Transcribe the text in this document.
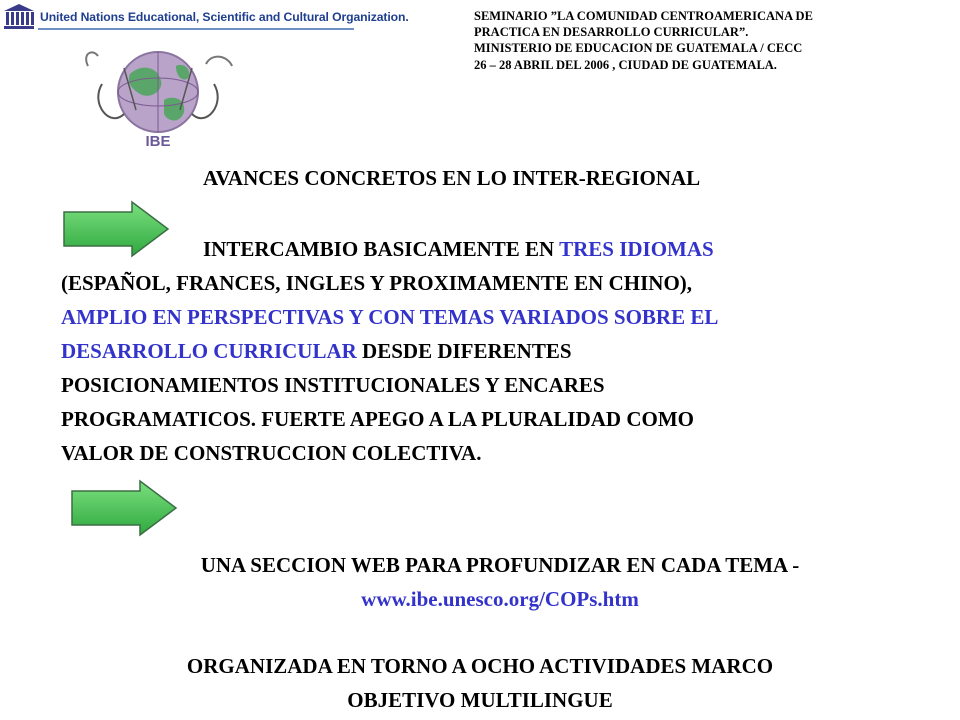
United Nations Educational, Scientific and Cultural Organization.
IBE
SEMINARIO ”LA COMUNIDAD CENTROAMERICANA DE
PRACTICA EN DESARROLLO CURRICULAR”.
MINISTERIO DE EDUCACION DE GUATEMALA / CECC
26 – 28 ABRIL DEL 2006 , CIUDAD DE GUATEMALA.
AVANCES CONCRETOS EN LO INTER-REGIONAL
INTERCAMBIO BASICAMENTE EN TRES IDIOMAS
(ESPAÑOL, FRANCES, INGLES Y PROXIMAMENTE EN CHINO),
AMPLIO EN PERSPECTIVAS Y CON TEMAS VARIADOS SOBRE EL
DESARROLLO CURRICULAR DESDE DIFERENTES
POSICIONAMIENTOS INSTITUCIONALES Y ENCARES
PROGRAMATICOS. FUERTE APEGO A LA PLURALIDAD COMO
VALOR DE CONSTRUCCION COLECTIVA.
UNA SECCION WEB PARA PROFUNDIZAR EN CADA TEMA -
www.ibe.unesco.org/COPs.htm
ORGANIZADA EN TORNO A OCHO ACTIVIDADES MARCO
OBJETIVO MULTILINGUE
